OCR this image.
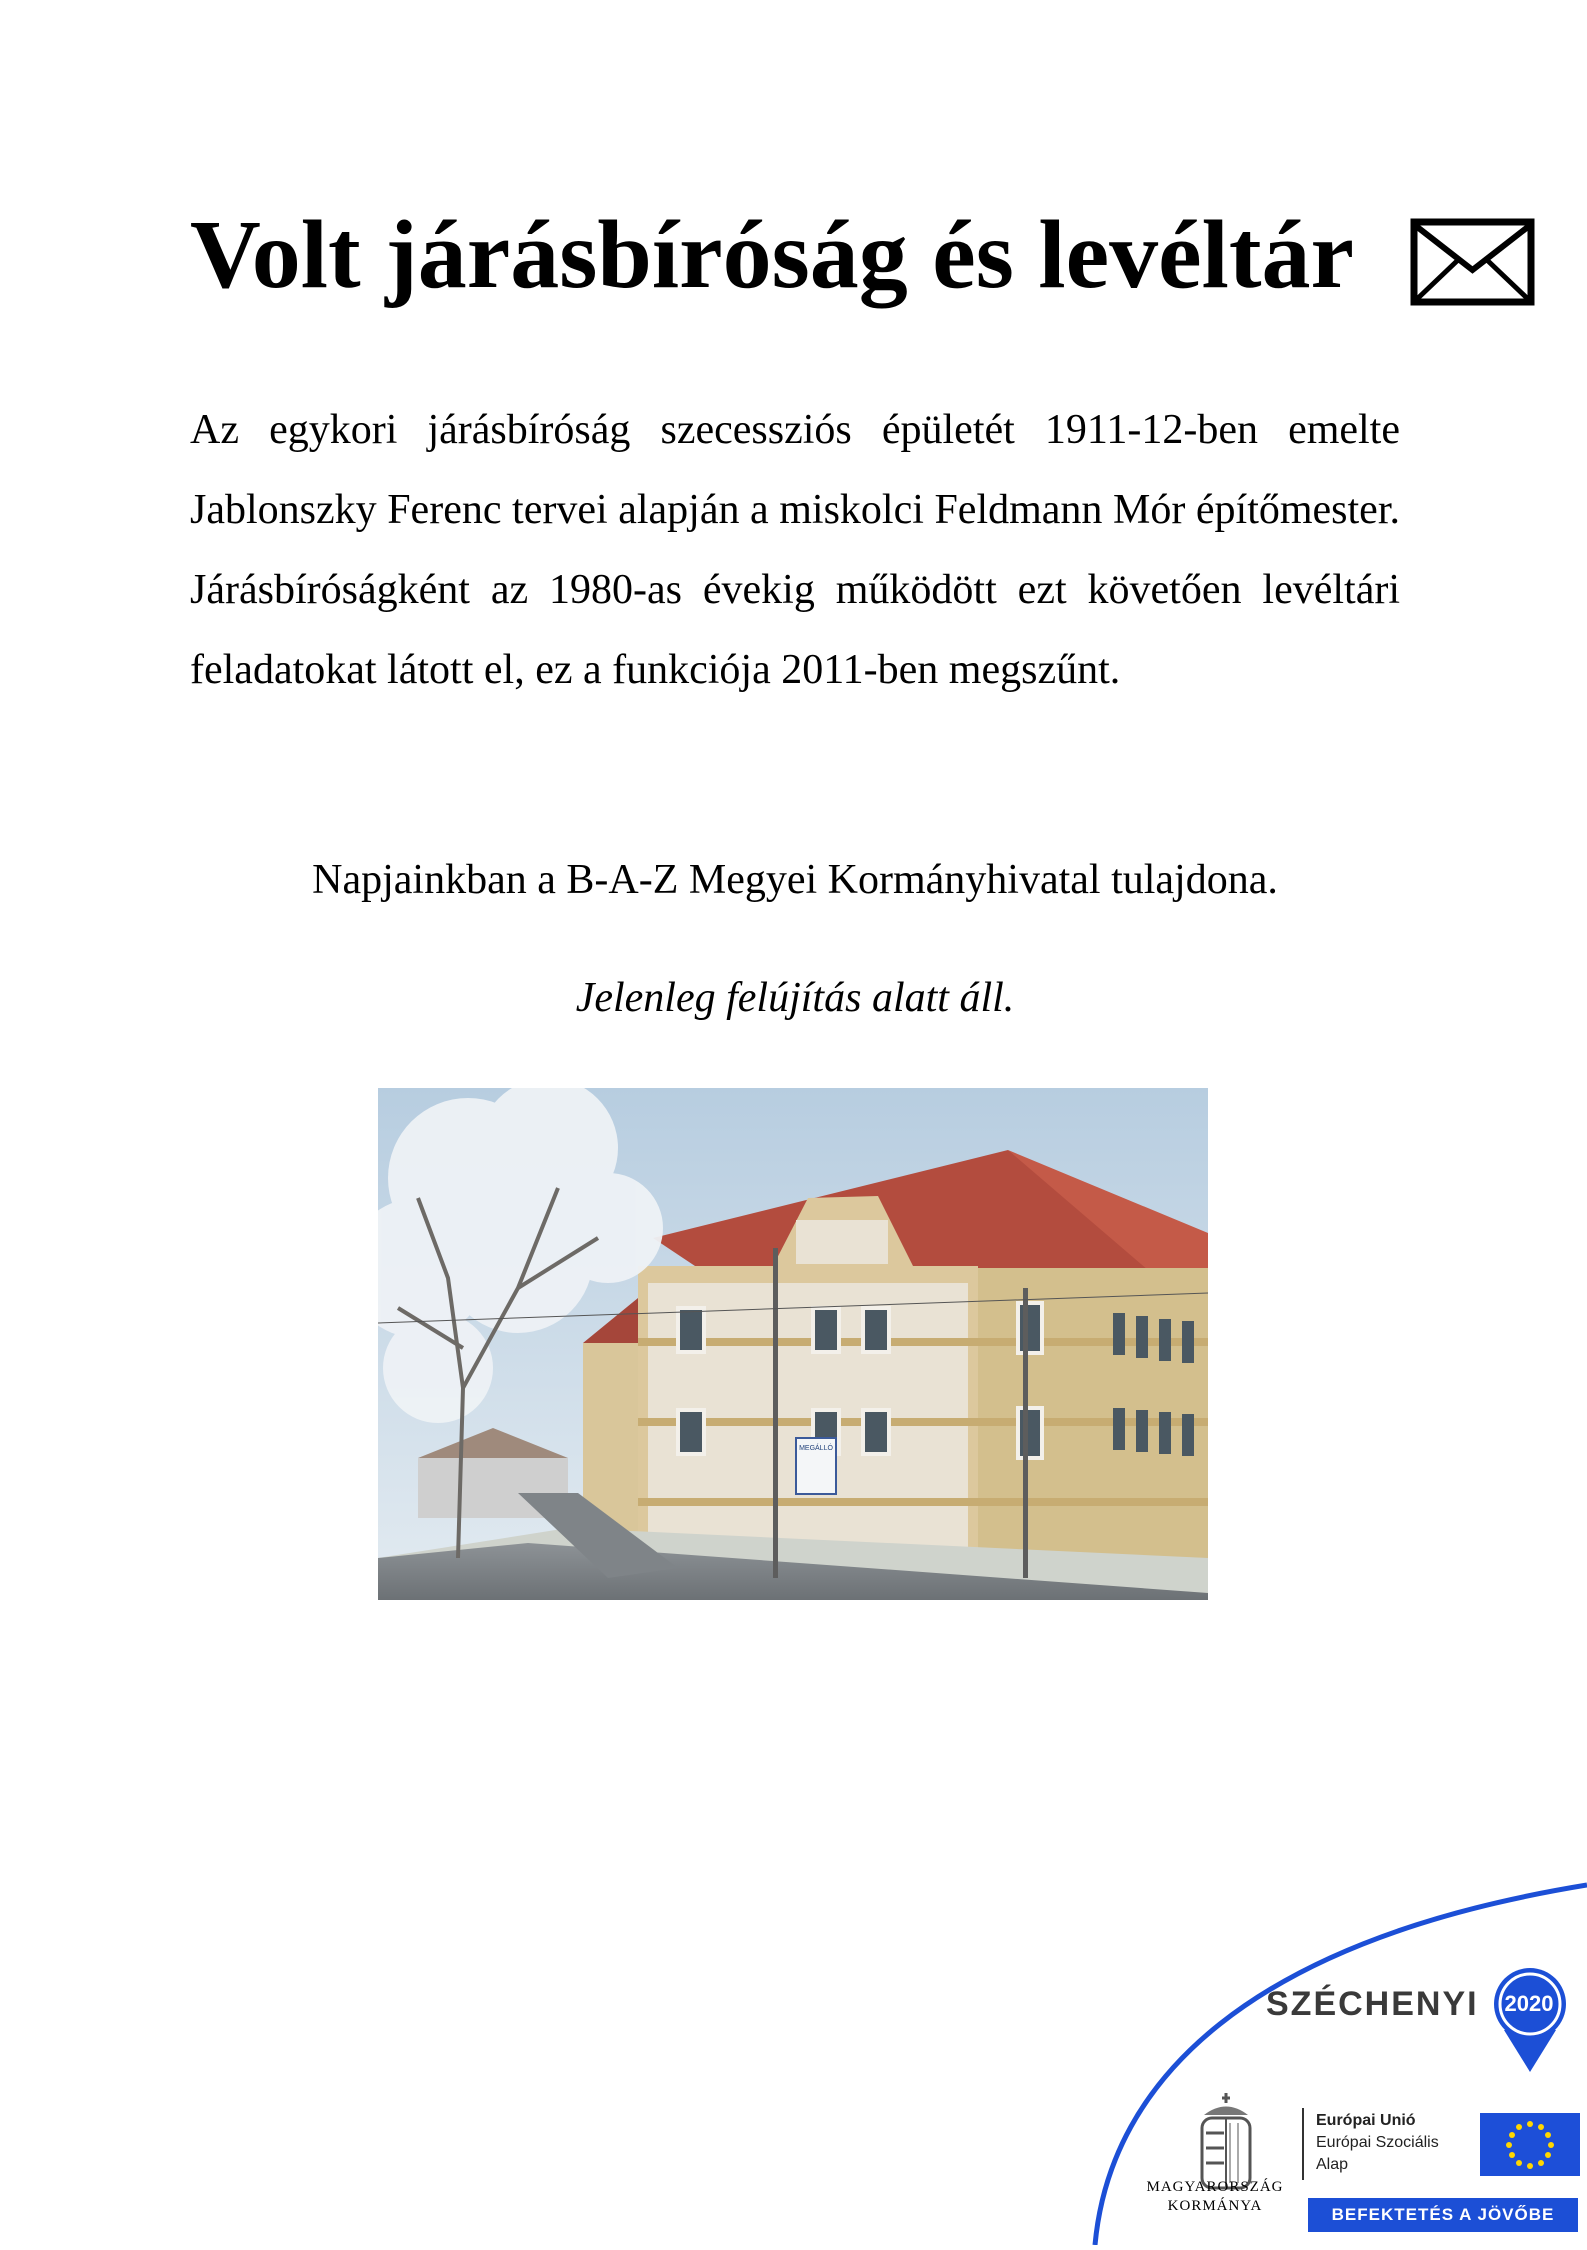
Volt járásbíróság és levéltár

Az egykori járásbíróság szecessziós épületét 1911-12-ben emelte Jablonszky Ferenc tervei alapján a miskolci Feldmann Mór építőmester. Járásbíróságként az 1980-as évekig működött ezt követően levéltári feladatokat látott el, ez a funkciója 2011-ben megszűnt.

Napjainkban a B-A-Z Megyei Kormányhivatal tulajdona.

Jelenleg felújítás alatt áll.

MEGÁLLÓ
SZÉCHENYI 2020
MAGYARORSZÁG
KORMÁNYA
Európai Unió
Európai Szociális
Alap
BEFEKTETÉS A JÖVŐBE
